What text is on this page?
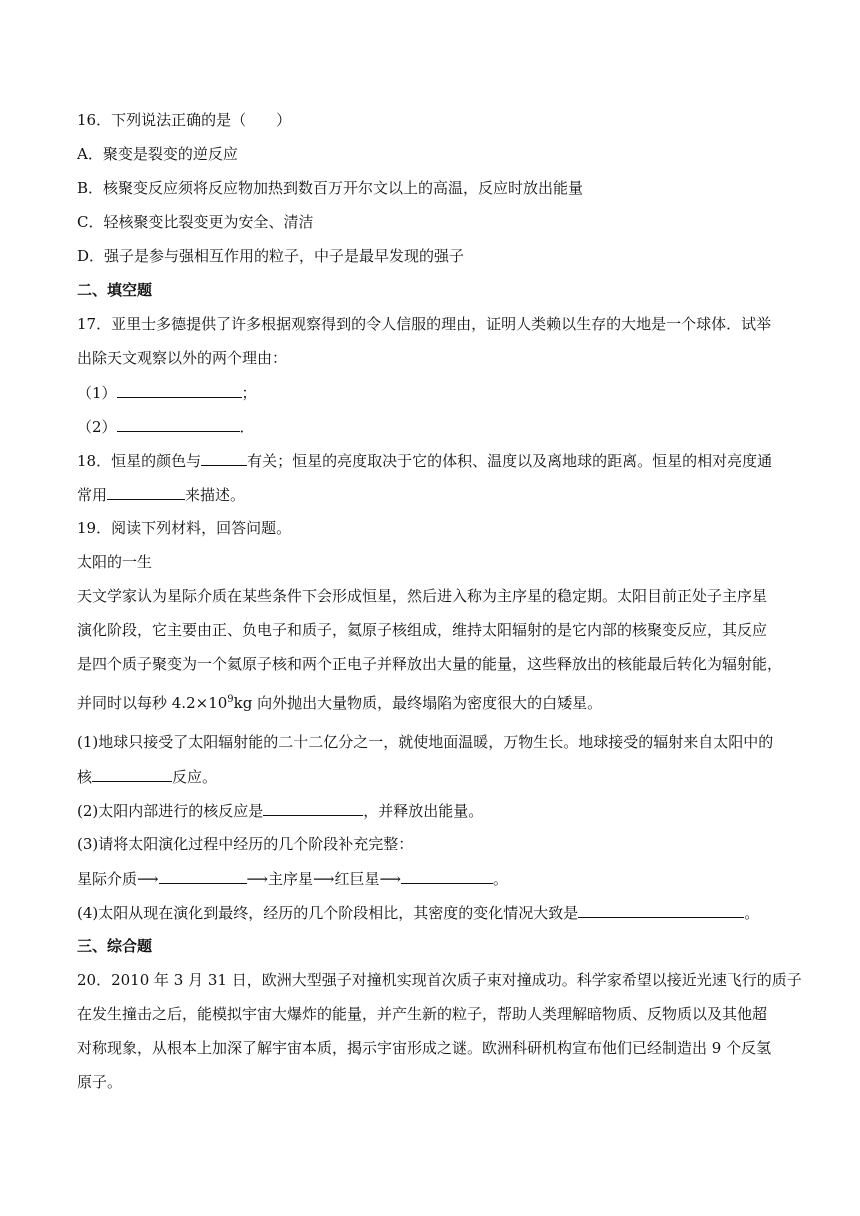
16．下列说法正确的是（　　）
A．聚变是裂变的逆反应
B．核聚变反应须将反应物加热到数百万开尔文以上的高温，反应时放出能量
C．轻核聚变比裂变更为安全、清洁
D．强子是参与强相互作用的粒子，中子是最早发现的强子
二、填空题
17．亚里士多德提供了许多根据观察得到的令人信服的理由，证明人类赖以生存的大地是一个球体．试举
出除天文观察以外的两个理由：
（1）	；
（2）	．
18．恒星的颜色与	有关；恒星的亮度取决于它的体积、温度以及离地球的距离。恒星的相对亮度通
常用	来描述。
19．阅读下列材料，回答问题。
太阳的一生
天文学家认为星际介质在某些条件下会形成恒星，然后进入称为主序星的稳定期。太阳目前正处子主序星
演化阶段，它主要由正、负电子和质子，氦原子核组成，维持太阳辐射的是它内部的核聚变反应，其反应
是四个质子聚变为一个氦原子核和两个正电子并释放出大量的能量，这些释放出的核能最后转化为辐射能，
并同时以每秒 $4.2\times 10^9kg$ 向外抛出大量物质，最终塌陷为密度很大的白矮星。
(1)地球只接受了太阳辐射能的二十二亿分之一，就使地面温暖，万物生长。地球接受的辐射来自太阳中的
核	反应。
(2)太阳内部进行的核反应是	，并释放出能量。
(3)请将太阳演化过程中经历的几个阶段补充完整：
星际介质⟶	⟶主序星⟶红巨星⟶	。
(4)太阳从现在演化到最终，经历的几个阶段相比，其密度的变化情况大致是	。
三、综合题
20．2010 年 3 月 31 日，欧洲大型强子对撞机实现首次质子束对撞成功。科学家希望以接近光速飞行的质子
在发生撞击之后，能模拟宇宙大爆炸的能量，并产生新的粒子，帮助人类理解暗物质、反物质以及其他超
对称现象，从根本上加深了解宇宙本质，揭示宇宙形成之谜。欧洲科研机构宣布他们已经制造出 9 个反氢
原子。
